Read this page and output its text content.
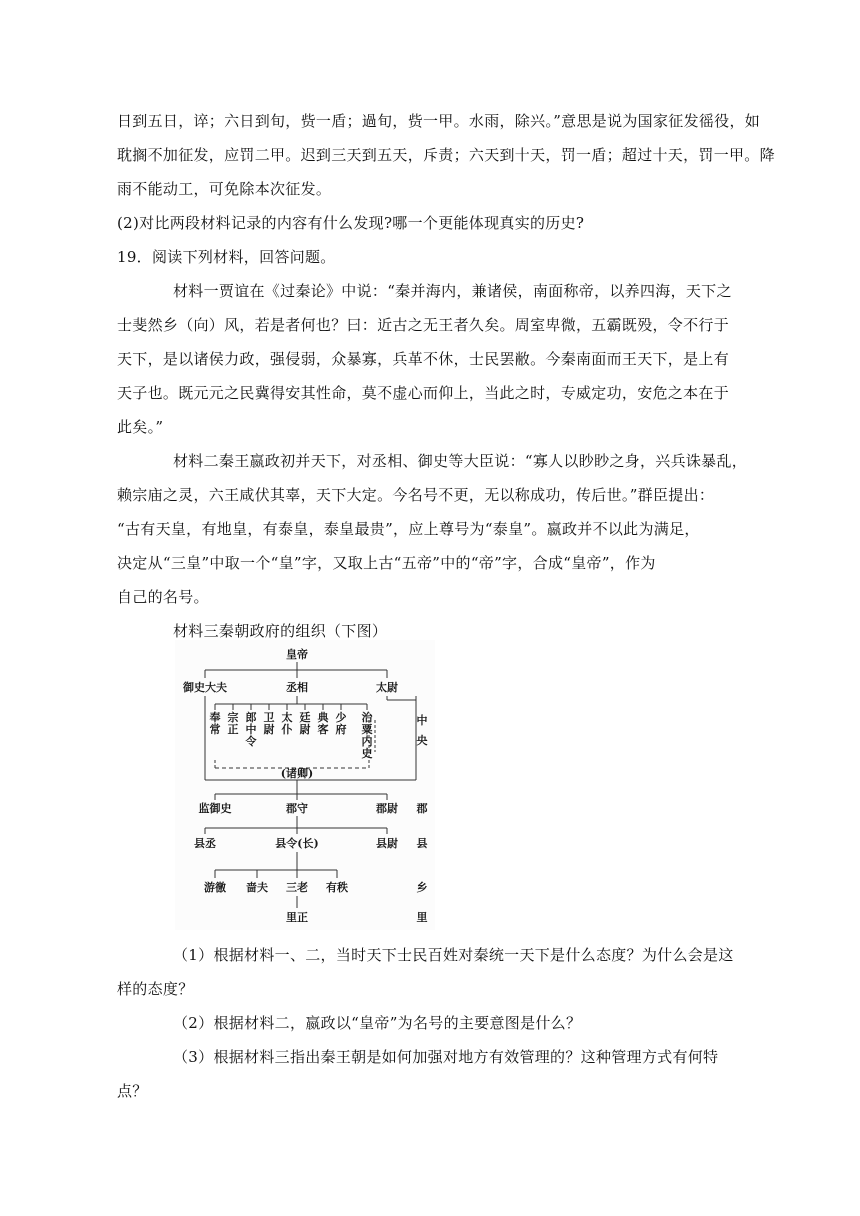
日到五日，谇；六日到旬，赀一盾；過旬，赀一甲。水雨，除兴。”意思是说为国家征发徭役，如
耽搁不加征发，应罚二甲。迟到三天到五天，斥责；六天到十天，罚一盾；超过十天，罚一甲。降
雨不能动工，可免除本次征发。
(2)对比两段材料记录的内容有什么发现?哪一个更能体现真实的历史?
19．阅读下列材料，回答问题。
材料一贾谊在《过秦论》中说：“秦并海内，兼诸侯，南面称帝，以养四海，天下之
士斐然乡（向）风，若是者何也？曰：近古之无王者久矣。周室卑微，五霸既殁，令不行于
天下，是以诸侯力政，强侵弱，众暴寡，兵革不休，士民罢敝。今秦南面而王天下，是上有
天子也。既元元之民冀得安其性命，莫不虚心而仰上，当此之时，专威定功，安危之本在于
此矣。”
材料二秦王嬴政初并天下，对丞相、御史等大臣说：“寡人以眇眇之身，兴兵诛暴乱，
赖宗庙之灵，六王咸伏其辜，天下大定。今名号不更，无以称成功，传后世。”群臣提出：
“古有天皇，有地皇，有泰皇，泰皇最贵”，应上尊号为“泰皇”。嬴政并不以此为满足，
决定从“三皇”中取一个“皇”字，又取上古“五帝”中的“帝”字，合成“皇帝”，作为
自己的名号。
材料三秦朝政府的组织（下图）
皇帝
御史大夫	丞相	太尉
奉常
宗正
郎中令
卫尉
太仆
廷尉
典客
少府
治粟内史
(诸卿)
监御史	郡守	郡尉
县丞	县令(长)	县尉
游徼 啬夫 三老 有秩
里正
中央
郡
县
乡
里
（1）根据材料一、二，当时天下士民百姓对秦统一天下是什么态度？为什么会是这
样的态度？
（2）根据材料二，嬴政以“皇帝”为名号的主要意图是什么？
（3）根据材料三指出秦王朝是如何加强对地方有效管理的？这种管理方式有何特
点？
